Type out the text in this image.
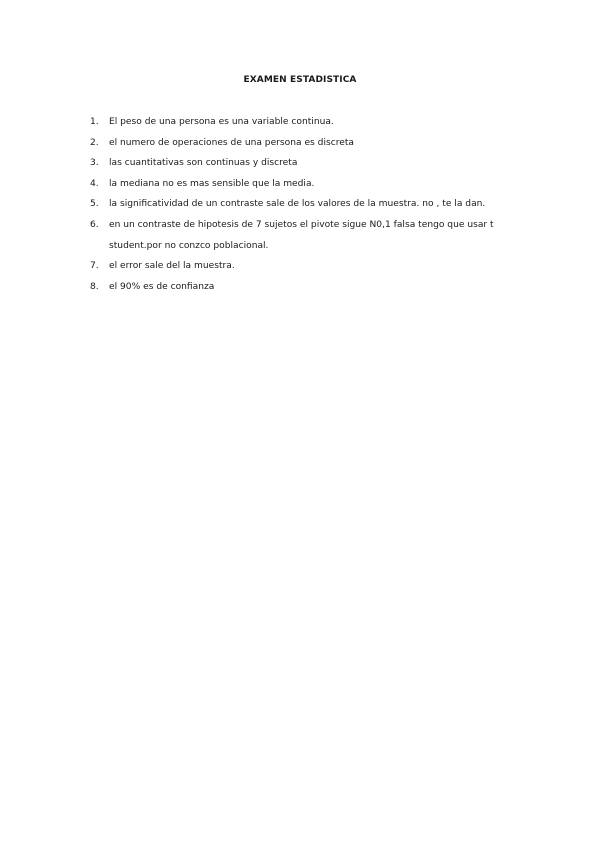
EXAMEN ESTADISTICA
1.	El peso de una persona es una variable continua.
2.	el numero de operaciones de una persona es discreta
3.	las cuantitativas son continuas y discreta
4.	la mediana no es mas sensible que la media.
5.	la significatividad de un contraste sale de los valores de la muestra. no , te la dan.
6.	en un contraste de hipotesis de 7 sujetos el pivote sigue N0,1 falsa tengo que usar t
student.por no conzco poblacional.
7.	el error sale del la muestra.
8.	el 90% es de confianza
